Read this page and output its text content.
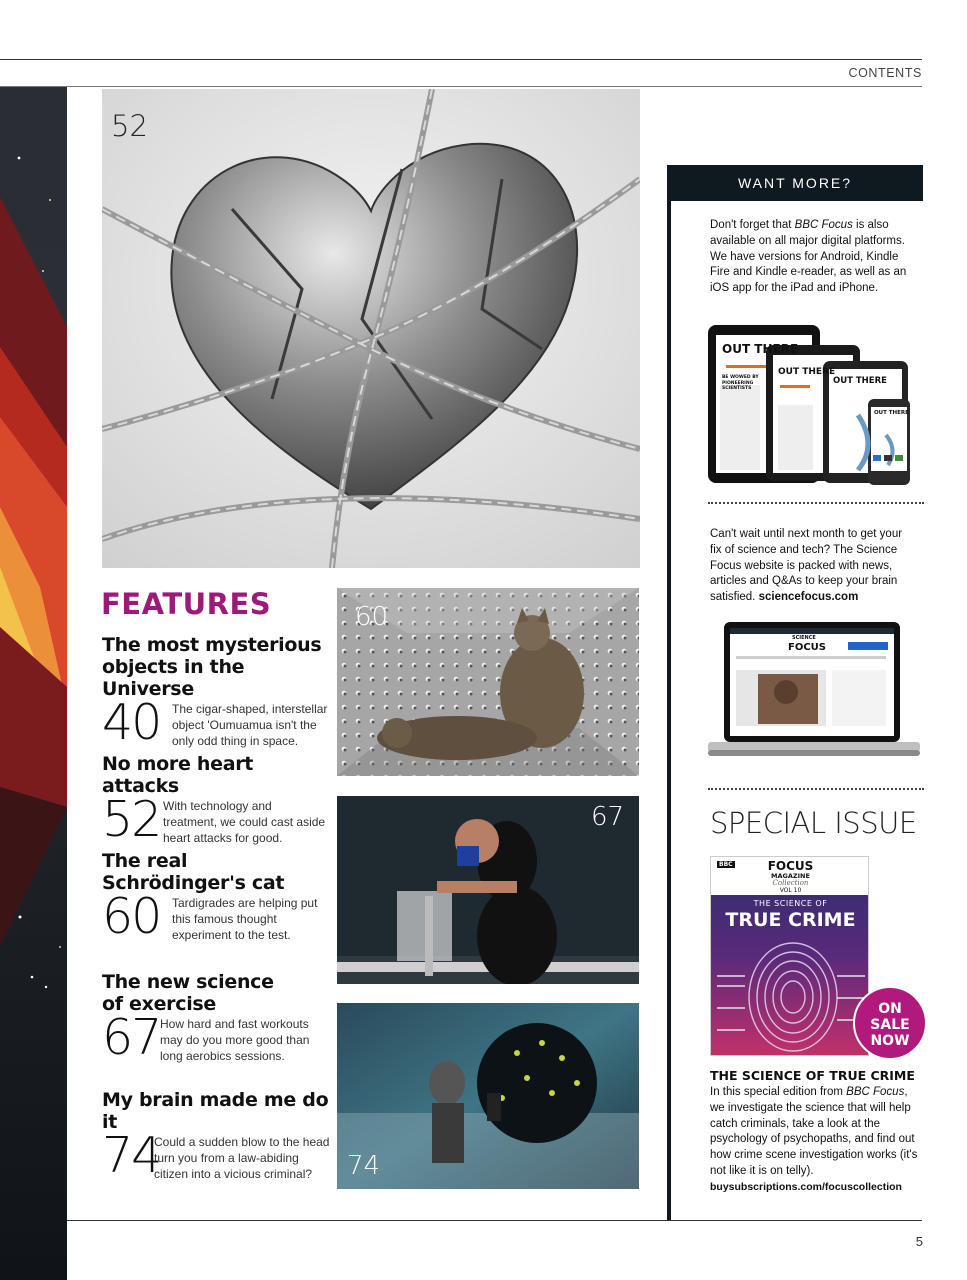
CONTENTS
52
FEATURES
The most mysterious
objects in the Universe
40 The cigar-shaped, interstellar
object 'Oumuamua isn't the
only odd thing in space.
No more heart attacks
52 With technology and
treatment, we could cast aside
heart attacks for good.
The real
Schrödinger's cat
60 Tardigrades are helping put
this famous thought
experiment to the test.
The new science
of exercise
67 How hard and fast workouts
may do you more good than
long aerobics sessions.
My brain made me do it
74
Could a sudden blow to the head
turn you from a law-abiding
citizen into a vicious criminal?
60
67
74
WANT MORE?
Don't forget that BBC Focus is also available on all major digital platforms. We have versions for Android, Kindle Fire and Kindle e-reader, as well as an iOS app for the iPad and iPhone.
OUT THERE
BE WOWED BY PIONEERING SCIENTISTS
OUT THERE
OUT THERE
OUT THERE
Can't wait until next month to get your fix of science and tech? The Science Focus website is packed with news, articles and Q&As to keep your brain satisfied. sciencefocus.com
SCIENCE
FOCUS
SPECIAL ISSUE
BBC	FOCUS
MAGAZINE
Collection
VOL 10
THE SCIENCE OF
TRUE CRIME
ON
SALE
NOW
THE SCIENCE OF TRUE CRIME
In this special edition from BBC Focus, we investigate the science that will help catch criminals, take a look at the psychology of psychopaths, and find out how crime scene investigation works (it's not like it is on telly).
buysubscriptions.com/focuscollection
5
